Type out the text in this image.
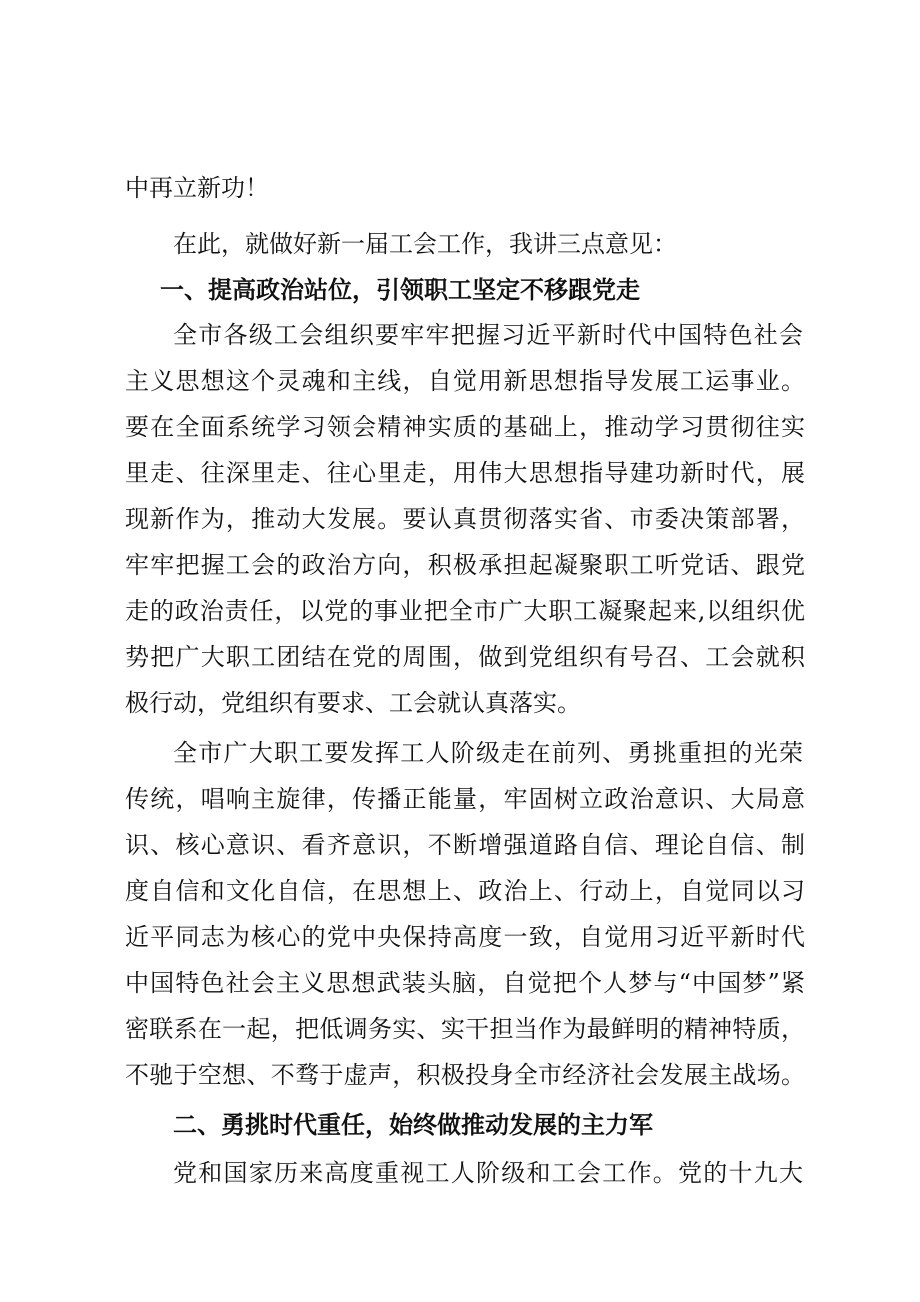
中再立新功！
在此，就做好新一届工会工作，我讲三点意见：
一、提高政治站位，引领职工坚定不移跟党走
全市各级工会组织要牢牢把握习近平新时代中国特色社会
主义思想这个灵魂和主线，自觉用新思想指导发展工运事业。
要在全面系统学习领会精神实质的基础上，推动学习贯彻往实
里走、往深里走、往心里走，用伟大思想指导建功新时代，展
现新作为，推动大发展。要认真贯彻落实省、市委决策部署，
牢牢把握工会的政治方向，积极承担起凝聚职工听党话、跟党
走的政治责任，以党的事业把全市广大职工凝聚起来,以组织优
势把广大职工团结在党的周围，做到党组织有号召、工会就积
极行动，党组织有要求、工会就认真落实。
全市广大职工要发挥工人阶级走在前列、勇挑重担的光荣
传统，唱响主旋律，传播正能量，牢固树立政治意识、大局意
识、核心意识、看齐意识，不断增强道路自信、理论自信、制
度自信和文化自信，在思想上、政治上、行动上，自觉同以习
近平同志为核心的党中央保持高度一致，自觉用习近平新时代
中国特色社会主义思想武装头脑，自觉把个人梦与“中国梦”紧
密联系在一起，把低调务实、实干担当作为最鲜明的精神特质，
不驰于空想、不骛于虚声，积极投身全市经济社会发展主战场。
二、勇挑时代重任，始终做推动发展的主力军
党和国家历来高度重视工人阶级和工会工作。党的十九大
